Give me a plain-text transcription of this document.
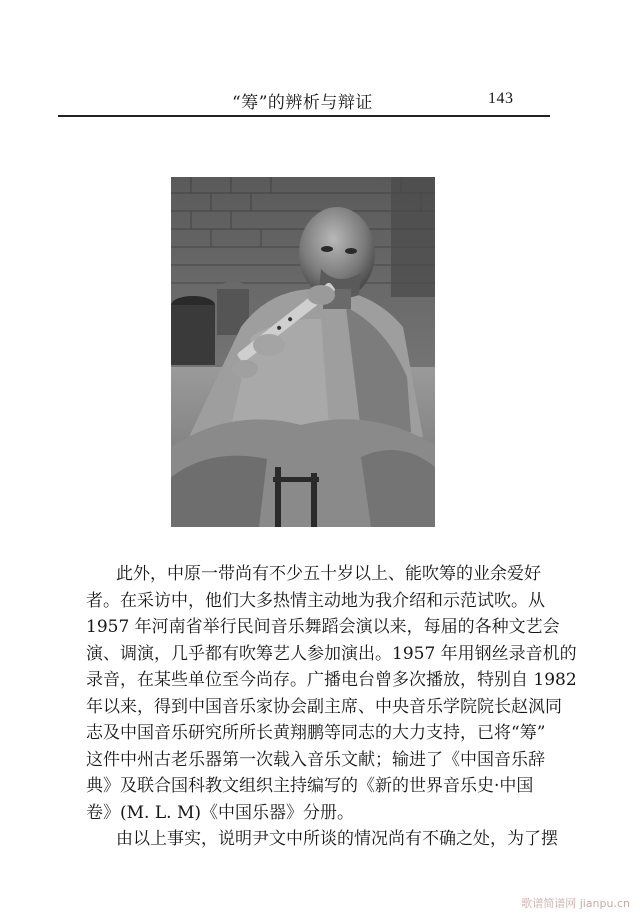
“筹”的辨析与辩证	143
此外，中原一带尚有不少五十岁以上、能吹筹的业余爱好
者。在采访中，他们大多热情主动地为我介绍和示范试吹。从
1957 年河南省举行民间音乐舞蹈会演以来，每届的各种文艺会
演、调演，几乎都有吹筹艺人参加演出。1957 年用钢丝录音机的
录音，在某些单位至今尚存。广播电台曾多次播放，特别自 1982
年以来，得到中国音乐家协会副主席、中央音乐学院院长赵沨同
志及中国音乐研究所所长黄翔鹏等同志的大力支持，已将“筹”
这件中州古老乐器第一次载入音乐文献；输进了《中国音乐辞
典》及联合国科教文组织主持编写的《新的世界音乐史·中国
卷》(M. L. M)《中国乐器》分册。
由以上事实，说明尹文中所谈的情况尚有不确之处，为了摆
歌谱简谱网 jianpu.cn
